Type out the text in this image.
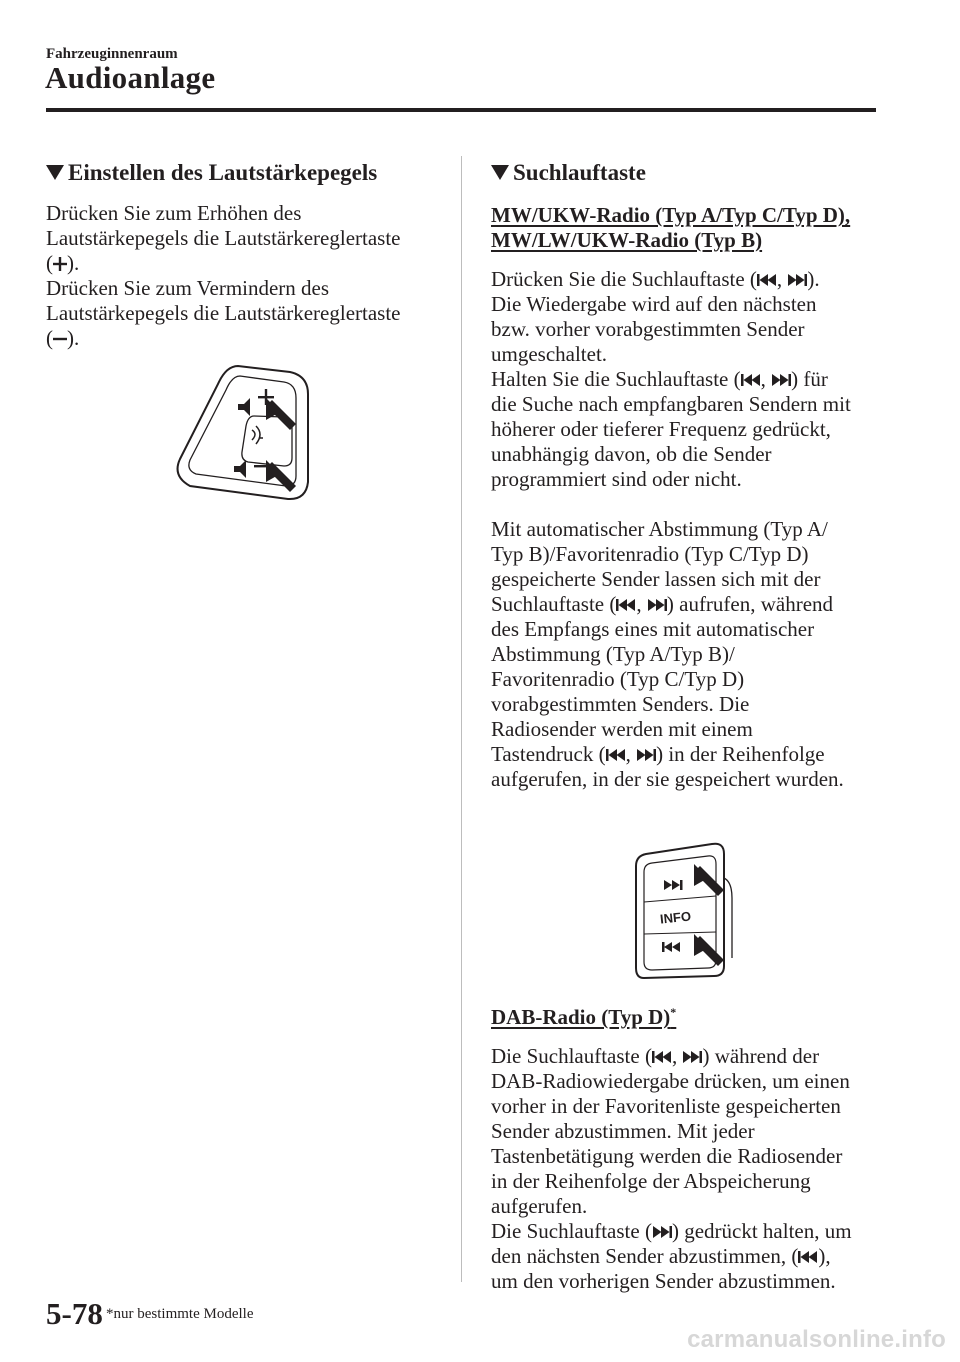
Fahrzeuginnenraum
Audioanlage
Einstellen des Lautstärkepegels

Drücken Sie zum Erhöhen des

Lautstärkepegels die Lautstärkereglertaste

( ).

Drücken Sie zum Vermindern des

Lautstärkepegels die Lautstärkereglertaste

( ).

Suchlauftaste

MW/UKW-Radio (Typ A/Typ C/Typ D),

MW/LW/UKW-Radio (Typ B)

Drücken Sie die Suchlauftaste ( ,
).

Die Wiedergabe wird auf den nächsten

bzw. vorher vorabgestimmten Sender

umgeschaltet.

Halten Sie die Suchlauftaste ( ,
) für

die Suche nach empfangbaren Sendern mit

höherer oder tieferer Frequenz gedrückt,

unabhängig davon, ob die Sender

programmiert sind oder nicht.

Mit automatischer Abstimmung (Typ A/

Typ B)/Favoritenradio (Typ C/Typ D)

gespeicherte Sender lassen sich mit der

Suchlauftaste ( ,
) aufrufen, während

des Empfangs eines mit automatischer

Abstimmung (Typ A/Typ B)/

Favoritenradio (Typ C/Typ D)

vorabgestimmten Senders. Die

Radiosender werden mit einem

Tastendruck ( ,
) in der Reihenfolge

aufgerufen, in der sie gespeichert wurden.

INFO

DAB-Radio (Typ D)*

Die Suchlauftaste ( ,
) während der

DAB-Radiowiedergabe drücken, um einen

vorher in der Favoritenliste gespeicherten

Sender abzustimmen. Mit jeder

Tastenbetätigung werden die Radiosender

in der Reihenfolge der Abspeicherung

aufgerufen.

Die Suchlauftaste ( ) gedrückt halten, um

den nächsten Sender abzustimmen, ( ),

um den vorherigen Sender abzustimmen.

5-78 *nur bestimmte Modelle
carmanualsonline.info
